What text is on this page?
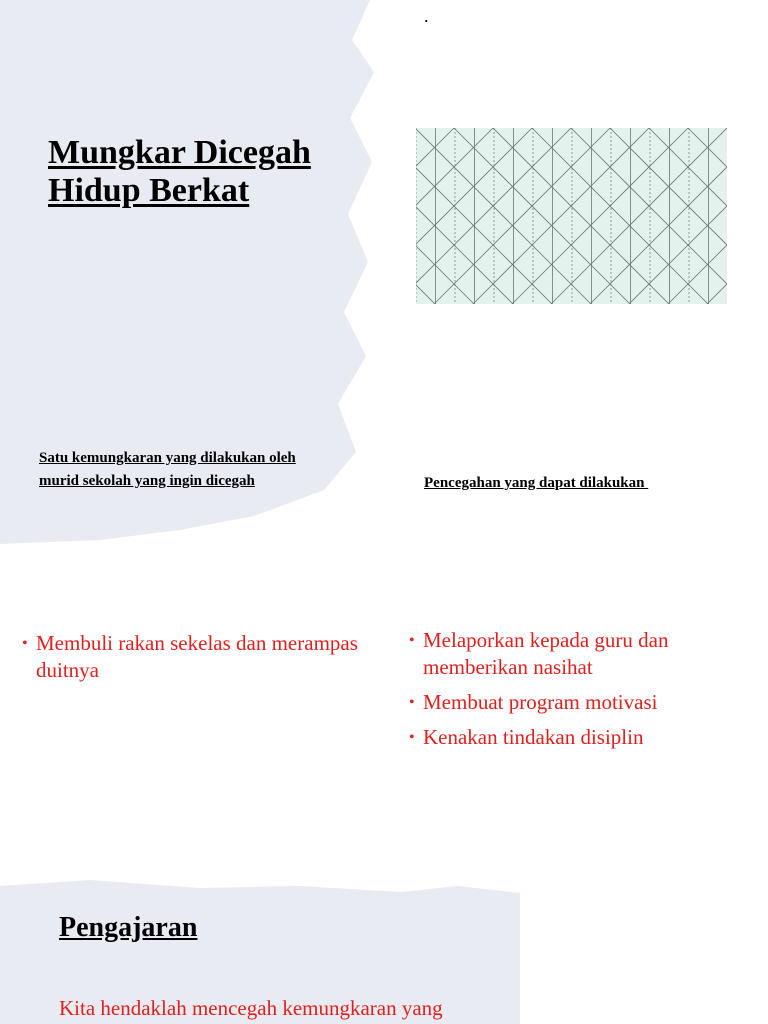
.
Mungkar Dicegah
Hidup Berkat

Satu kemungkaran yang dilakukan oleh murid sekolah yang ingin dicegah	Pencegahan yang dapat dilakukan

• Membuli rakan sekelas dan merampas duitnya
• Melaporkan kepada guru dan memberikan nasihat
• Membuat program motivasi
• Kenakan tindakan disiplin
Pengajaran

Kita hendaklah mencegah kemungkaran yang
